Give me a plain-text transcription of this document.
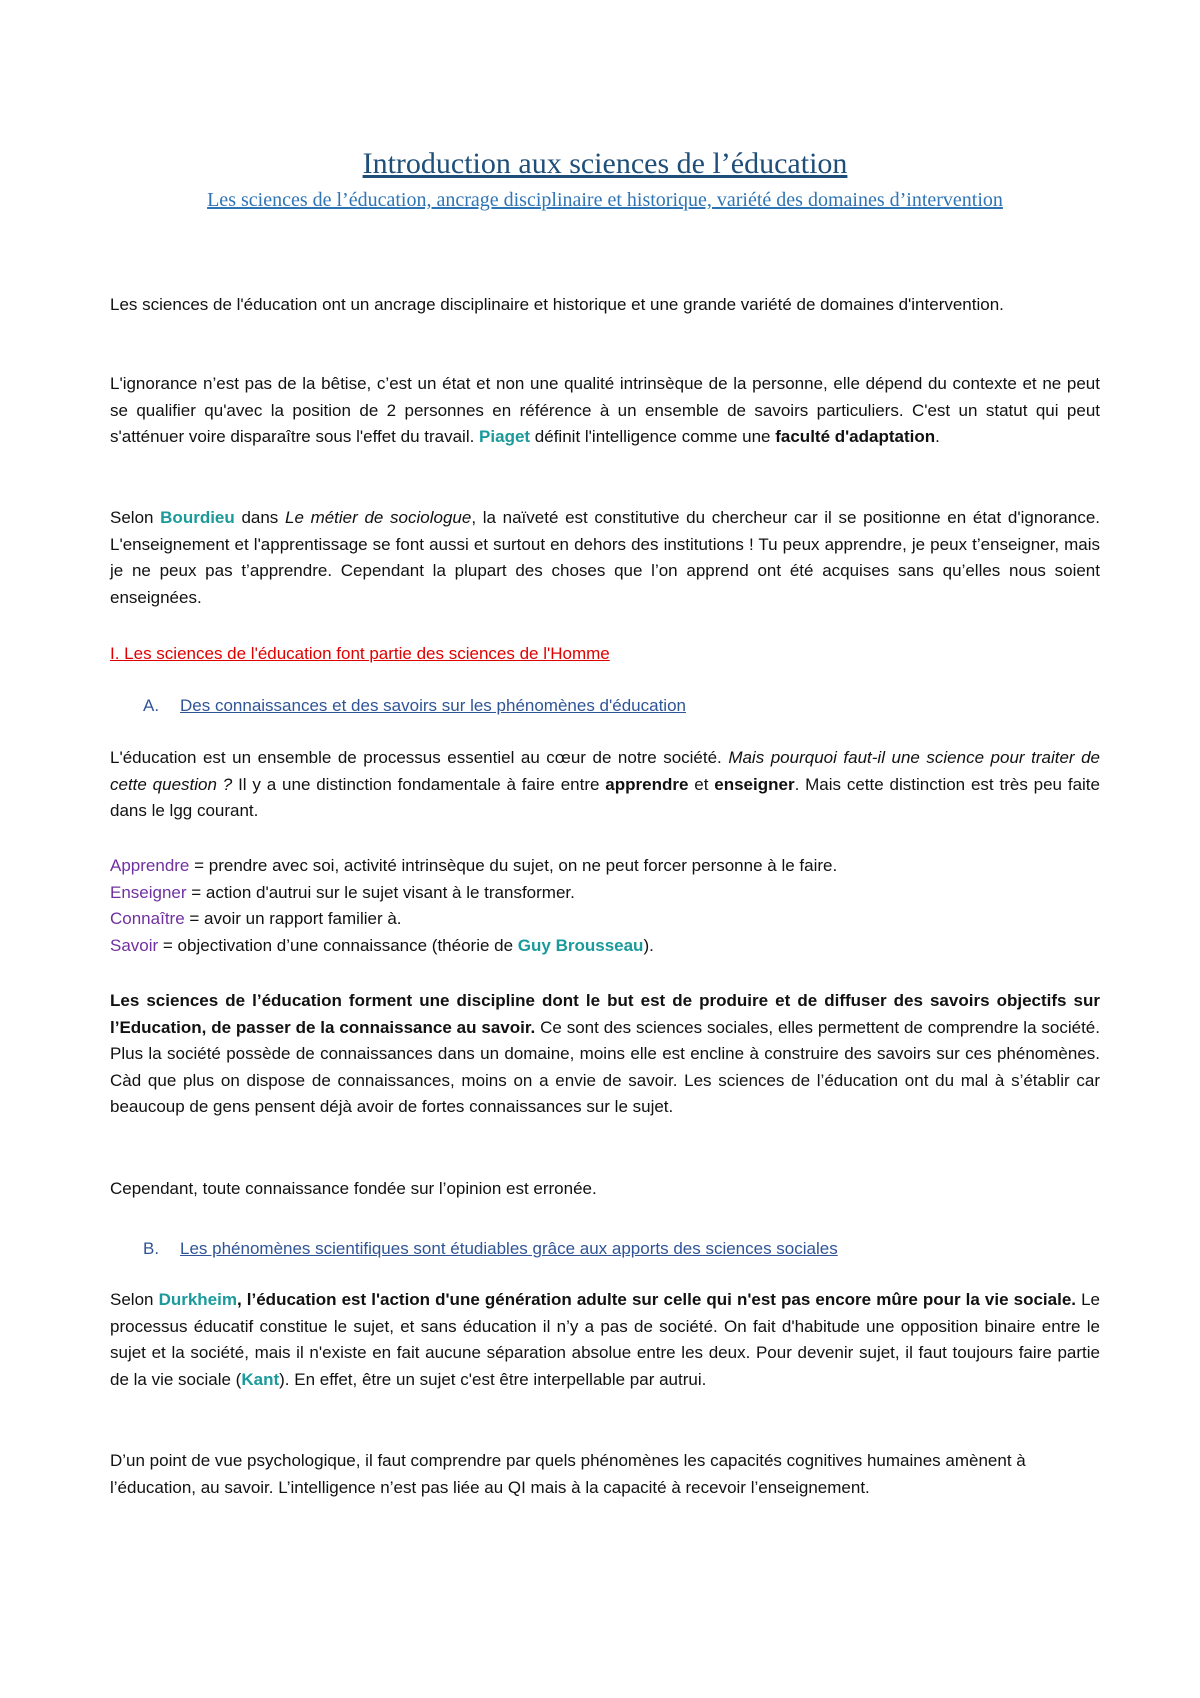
Introduction aux sciences de l’éducation
Les sciences de l’éducation, ancrage disciplinaire et historique, variété des domaines d’intervention

Les sciences de l'éducation ont un ancrage disciplinaire et historique et une grande variété de domaines d'intervention.

L'ignorance n’est pas de la bêtise, c’est un état et non une qualité intrinsèque de la personne, elle dépend du contexte et ne peut se qualifier qu'avec la position de 2 personnes en référence à un ensemble de savoirs particuliers. C'est un statut qui peut s'atténuer voire disparaître sous l'effet du travail. Piaget définit l'intelligence comme une faculté d'adaptation.

Selon Bourdieu dans Le métier de sociologue, la naïveté est constitutive du chercheur car il se positionne en état d'ignorance. L'enseignement et l'apprentissage se font aussi et surtout en dehors des institutions ! Tu peux apprendre, je peux t’enseigner, mais je ne peux pas t’apprendre. Cependant la plupart des choses que l’on apprend ont été acquises sans qu’elles nous soient enseignées.

I. Les sciences de l'éducation font partie des sciences de l'Homme

A. Des connaissances et des savoirs sur les phénomènes d'éducation

L'éducation est un ensemble de processus essentiel au cœur de notre société. Mais pourquoi faut-il une science pour traiter de cette question ? Il y a une distinction fondamentale à faire entre apprendre et enseigner. Mais cette distinction est très peu faite dans le lgg courant.

Apprendre = prendre avec soi, activité intrinsèque du sujet, on ne peut forcer personne à le faire.

Enseigner = action d'autrui sur le sujet visant à le transformer.

Connaître = avoir un rapport familier à.

Savoir = objectivation d’une connaissance (théorie de Guy Brousseau).

Les sciences de l’éducation forment une discipline dont le but est de produire et de diffuser des savoirs objectifs sur l’Education, de passer de la connaissance au savoir. Ce sont des sciences sociales, elles permettent de comprendre la société. Plus la société possède de connaissances dans un domaine, moins elle est encline à construire des savoirs sur ces phénomènes. Càd que plus on dispose de connaissances, moins on a envie de savoir. Les sciences de l’éducation ont du mal à s’établir car beaucoup de gens pensent déjà avoir de fortes connaissances sur le sujet.

Cependant, toute connaissance fondée sur l’opinion est erronée.

B. Les phénomènes scientifiques sont étudiables grâce aux apports des sciences sociales

Selon Durkheim, l’éducation est l'action d'une génération adulte sur celle qui n'est pas encore mûre pour la vie sociale. Le processus éducatif constitue le sujet, et sans éducation il n’y a pas de société. On fait d'habitude une opposition binaire entre le sujet et la société, mais il n'existe en fait aucune séparation absolue entre les deux. Pour devenir sujet, il faut toujours faire partie de la vie sociale (Kant). En effet, être un sujet c'est être interpellable par autrui.

D’un point de vue psychologique, il faut comprendre par quels phénomènes les capacités cognitives humaines amènent à l’éducation, au savoir. L’intelligence n’est pas liée au QI mais à la capacité à recevoir l’enseignement.
